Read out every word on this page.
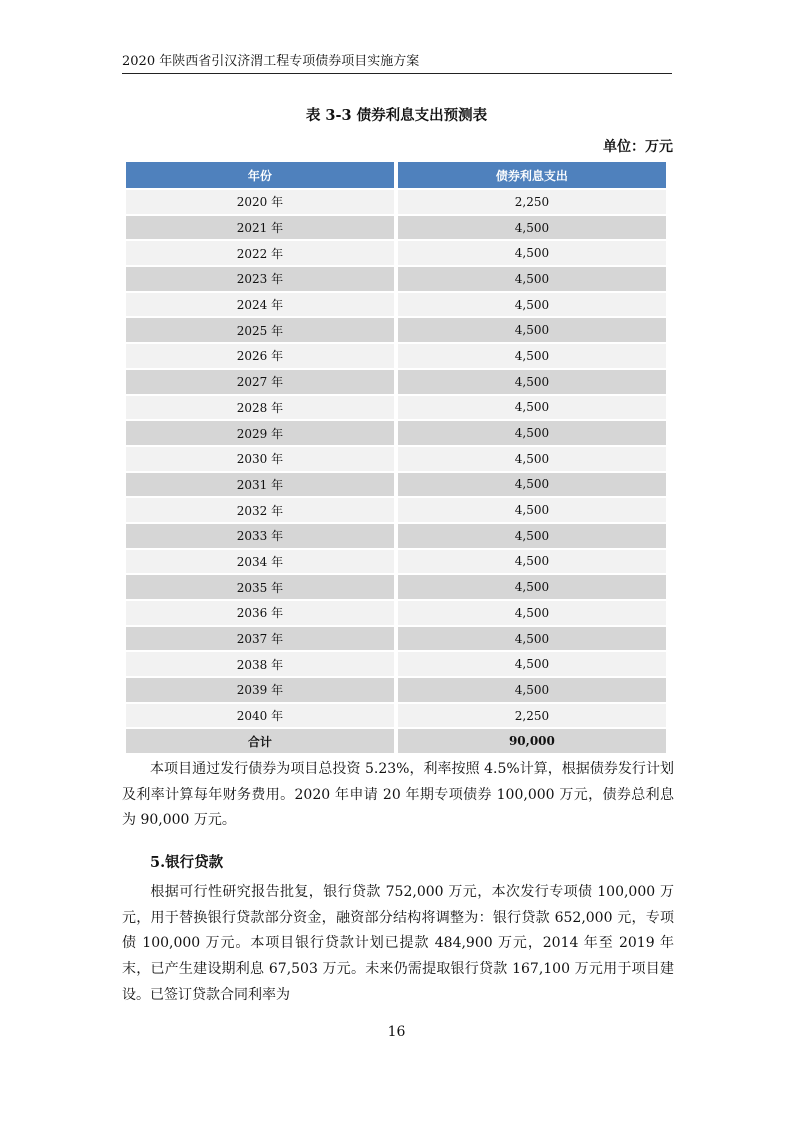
2020 年陕西省引汉济渭工程专项债券项目实施方案
表 3-3 债券利息支出预测表
单位：万元
年份	债券利息支出
2020 年	2,250
2021 年	4,500
2022 年	4,500
2023 年	4,500
2024 年	4,500
2025 年	4,500
2026 年	4,500
2027 年	4,500
2028 年	4,500
2029 年	4,500
2030 年	4,500
2031 年	4,500
2032 年	4,500
2033 年	4,500
2034 年	4,500
2035 年	4,500
2036 年	4,500
2037 年	4,500
2038 年	4,500
2039 年	4,500
2040 年	2,250
合计	90,000
本项目通过发行债券为项目总投资 5.23%，利率按照 4.5%计算，根据债券发行计划及利率计算每年财务费用。2020 年申请 20 年期专项债券 100,000 万元，债券总利息为 90,000 万元。
5.银行贷款
根据可行性研究报告批复，银行贷款 752,000 万元，本次发行专项债 100,000 万元，用于替换银行贷款部分资金，融资部分结构将调整为：银行贷款 652,000 元，专项债 100,000 万元。本项目银行贷款计划已提款 484,900 万元，2014 年至 2019 年末，已产生建设期利息 67,503 万元。未来仍需提取银行贷款 167,100 万元用于项目建设。已签订贷款合同利率为
16
